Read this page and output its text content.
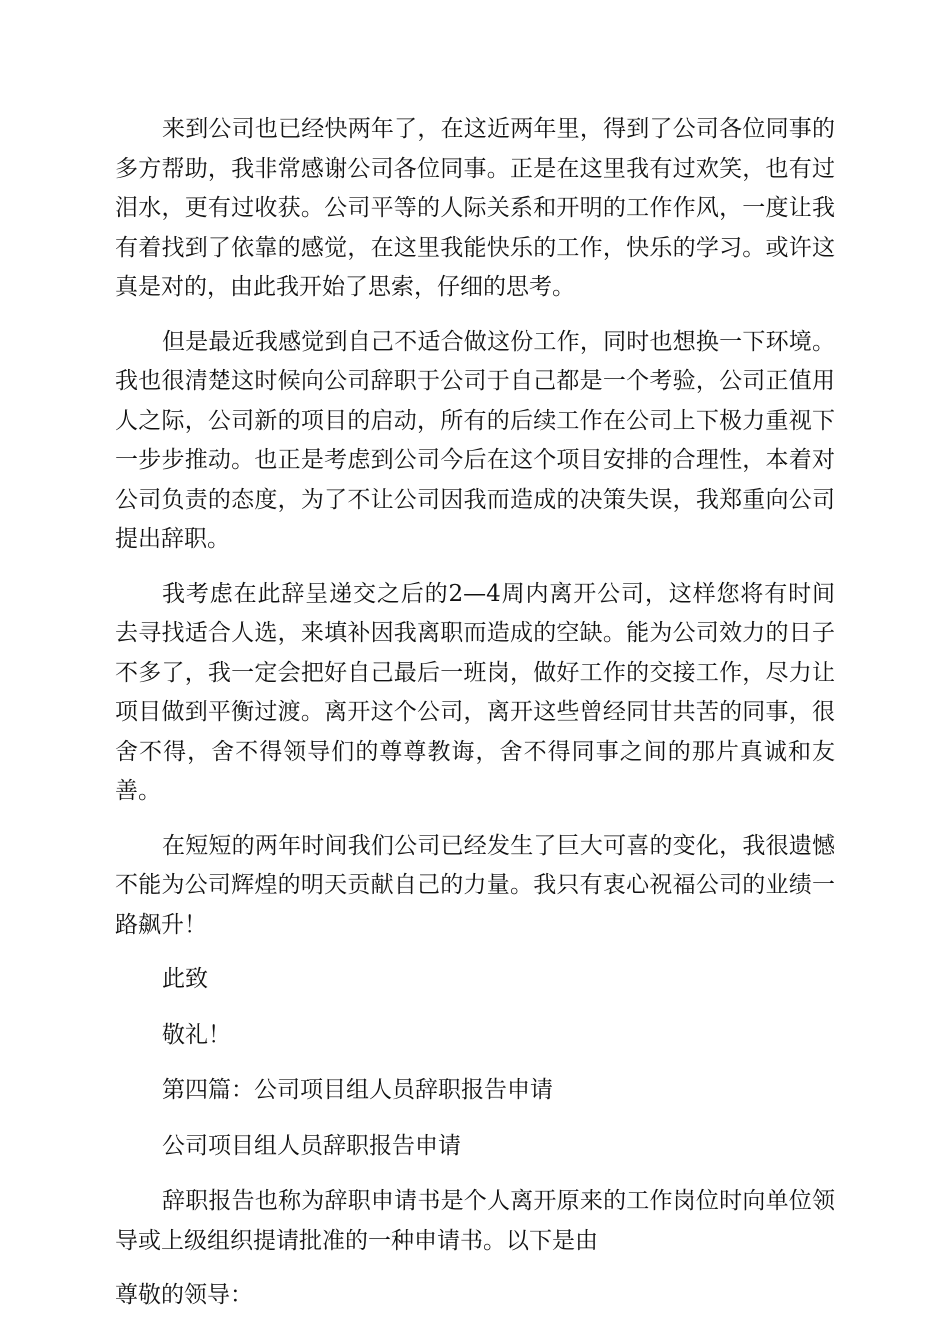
来到公司也已经快两年了，在这近两年里，得到了公司各位同事的多方帮助，我非常感谢公司各位同事。正是在这里我有过欢笑，也有过泪水，更有过收获。公司平等的人际关系和开明的工作作风，一度让我有着找到了依靠的感觉，在这里我能快乐的工作，快乐的学习。或许这真是对的，由此我开始了思索，仔细的思考。

但是最近我感觉到自己不适合做这份工作，同时也想换一下环境。我也很清楚这时候向公司辞职于公司于自己都是一个考验，公司正值用人之际，公司新的项目的启动，所有的后续工作在公司上下极力重视下一步步推动。也正是考虑到公司今后在这个项目安排的合理性，本着对公司负责的态度，为了不让公司因我而造成的决策失误，我郑重向公司提出辞职。

我考虑在此辞呈递交之后的2—4周内离开公司，这样您将有时间去寻找适合人选，来填补因我离职而造成的空缺。能为公司效力的日子不多了，我一定会把好自己最后一班岗，做好工作的交接工作，尽力让项目做到平衡过渡。离开这个公司，离开这些曾经同甘共苦的同事，很舍不得，舍不得领导们的尊尊教诲，舍不得同事之间的那片真诚和友善。

在短短的两年时间我们公司已经发生了巨大可喜的变化，我很遗憾不能为公司辉煌的明天贡献自己的力量。我只有衷心祝福公司的业绩一路飙升！

此致

敬礼！

第四篇：公司项目组人员辞职报告申请

公司项目组人员辞职报告申请

辞职报告也称为辞职申请书是个人离开原来的工作岗位时向单位领导或上级组织提请批准的一种申请书。以下是由

尊敬的领导：
